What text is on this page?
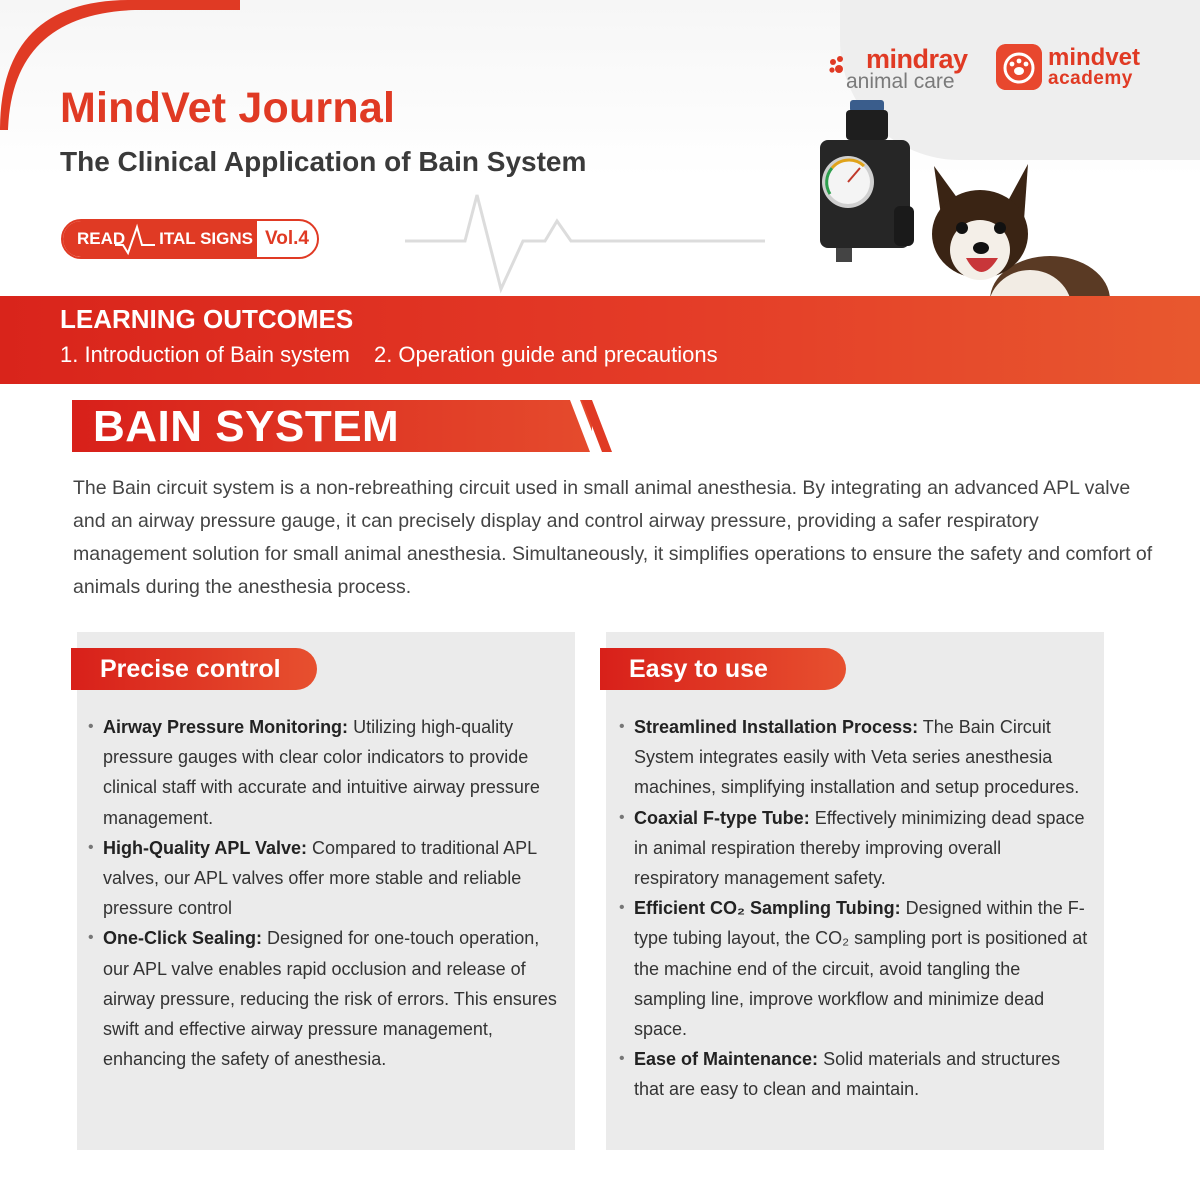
MindVet Journal
The Clinical Application of Bain System
READ ITAL SIGNS Vol.4
mindray
animal care
mindvet
academy
LEARNING OUTCOMES
1. Introduction of Bain system 2. Operation guide and precautions
BAIN SYSTEM

The Bain circuit system is a non-rebreathing circuit used in small animal anesthesia. By integrating an advanced APL valve and an airway pressure gauge, it can precisely display and control airway pressure, providing a safer respiratory management solution for small animal anesthesia. Simultaneously, it simplifies operations to ensure the safety and comfort of animals during the anesthesia process.

Precise control
• Airway Pressure Monitoring: Utilizing high-quality pressure gauges with clear color indicators to provide clinical staff with accurate and intuitive airway pressure management.
• High-Quality APL Valve: Compared to traditional APL valves, our APL valves offer more stable and reliable pressure control
• One-Click Sealing: Designed for one-touch operation, our APL valve enables rapid occlusion and release of airway pressure, reducing the risk of errors. This ensures swift and effective airway pressure management, enhancing the safety of anesthesia.
Easy to use
• Streamlined Installation Process: The Bain Circuit System integrates easily with Veta series anesthesia machines, simplifying installation and setup procedures.
• Coaxial F-type Tube: Effectively minimizing dead space in animal respiration thereby improving overall respiratory management safety.
• Efficient CO₂ Sampling Tubing: Designed within the F-type tubing layout, the CO₂ sampling port is positioned at the machine end of the circuit, avoid tangling the sampling line, improve workflow and minimize dead space.
• Ease of Maintenance: Solid materials and structures that are easy to clean and maintain.
